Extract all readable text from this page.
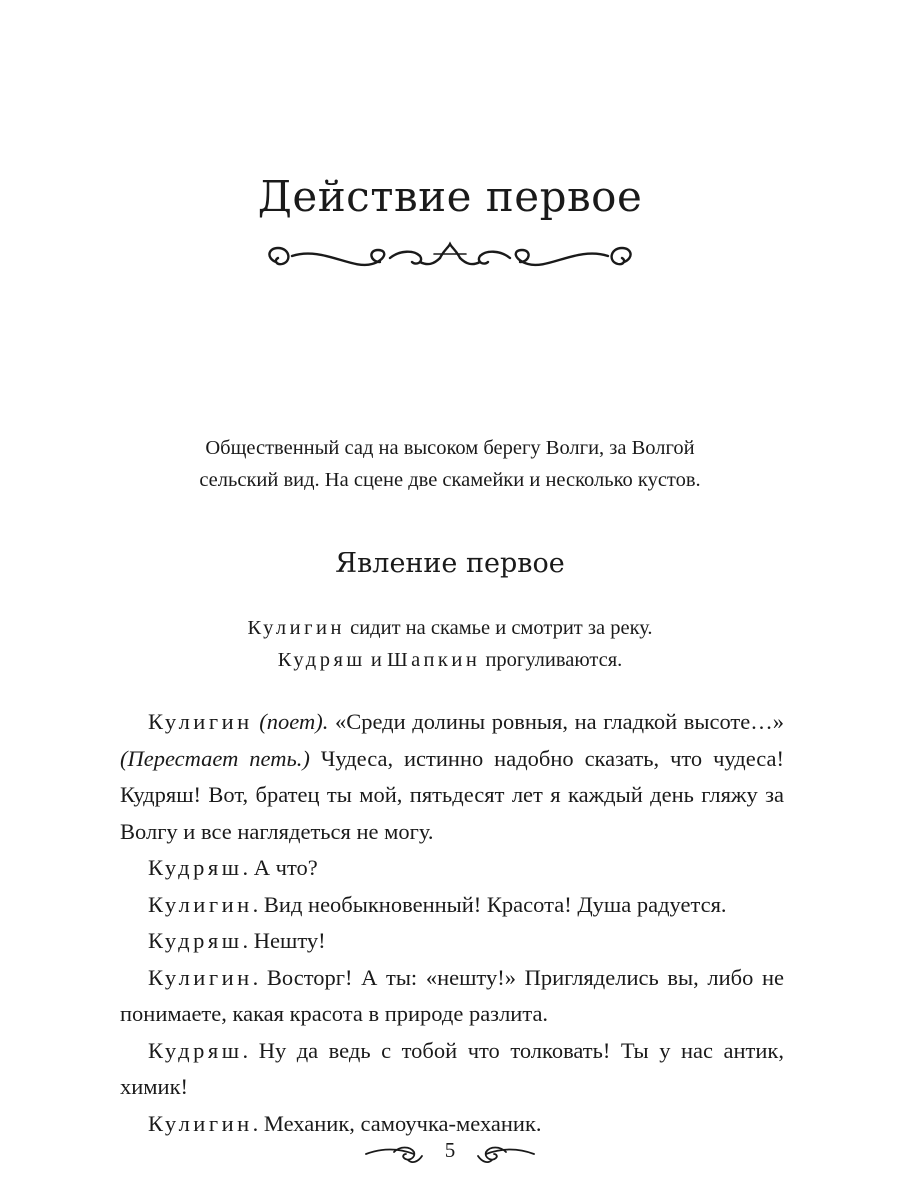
Действие первое
Общественный сад на высоком берегу Волги, за Волгой
сельский вид. На сцене две скамейки и несколько кустов.
Явление первое
Кулигин сидит на скамье и смотрит за реку.
Кудряш и Шапкин прогуливаются.

Кулигин (поет). «Среди долины ровныя, на гладкой высоте…» (Перестает петь.) Чудеса, истинно надобно сказать, что чудеса! Кудряш! Вот, братец ты мой, пятьдесят лет я каждый день гляжу за Волгу и все наглядеться не могу.

Кудряш. А что?

Кулигин. Вид необыкновенный! Красота! Душа радуется.

Кудряш. Нешту!

Кулигин. Восторг! А ты: «нешту!» Пригляделись вы, либо не понимаете, какая красота в природе разлита.

Кудряш. Ну да ведь с тобой что толковать! Ты у нас антик, химик!

Кулигин. Механик, самоучка-механик.

5
